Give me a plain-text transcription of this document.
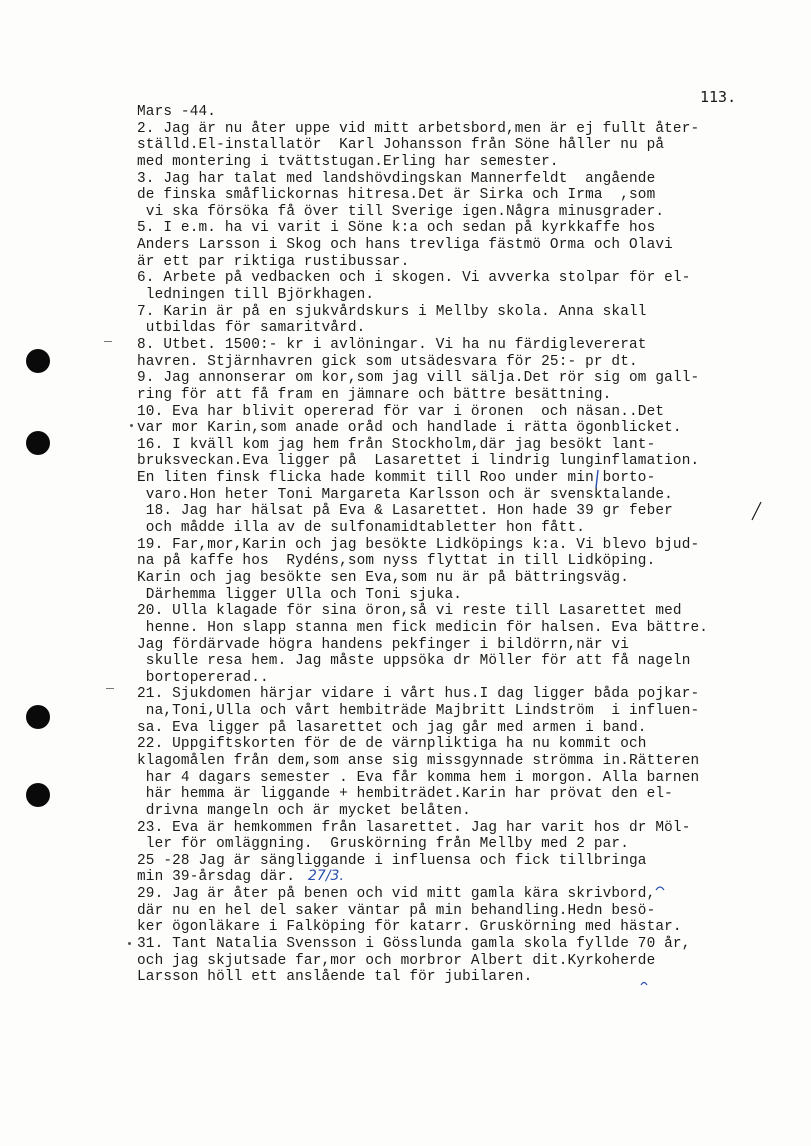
113.
Mars -44.
2. Jag är nu åter uppe vid mitt arbetsbord,men är ej fullt åter-
ställd.El-installatör  Karl Johansson från Söne håller nu på
med montering i tvättstugan.Erling har semester.
3. Jag har talat med landshövdingskan Mannerfeldt  angående
de finska småflickornas hitresa.Det är Sirka och Irma  ,som
vi ska försöka få över till Sverige igen.Några minusgrader.
5. I e.m. ha vi varit i Söne k:a och sedan på kyrkkaffe hos
Anders Larsson i Skog och hans trevliga fästmö Orma och Olavi
är ett par riktiga rustibussar.
6. Arbete på vedbacken och i skogen. Vi avverka stolpar för el-
ledningen till Björkhagen.
7. Karin är på en sjukvårdskurs i Mellby skola. Anna skall
utbildas för samaritvård.
8. Utbet. 1500:- kr i avlöningar. Vi ha nu färdiglevererat
havren. Stjärnhavren gick som utsädesvara för 25:- pr dt.
9. Jag annonserar om kor,som jag vill sälja.Det rör sig om gall-
ring för att få fram en jämnare och bättre besättning.
10. Eva har blivit opererad för var i öronen  och näsan..Det
var mor Karin,som anade oråd och handlade i rätta ögonblicket.
16. I kväll kom jag hem från Stockholm,där jag besökt lant-
bruksveckan.Eva ligger på  Lasarettet i lindrig lunginflamation.
En liten finsk flicka hade kommit till Roo under min borto-
varo.Hon heter Toni Margareta Karlsson och är svensktalande.
18. Jag har hälsat på Eva & Lasarettet. Hon hade 39 gr feber
och mådde illa av de sulfonamidtabletter hon fått.
19. Far,mor,Karin och jag besökte Lidköpings k:a. Vi blevo bjud-
na på kaffe hos  Rydéns,som nyss flyttat in till Lidköping.
Karin och jag besökte sen Eva,som nu är på bättringsväg.
Därhemma ligger Ulla och Toni sjuka.
20. Ulla klagade för sina öron,så vi reste till Lasarettet med
henne. Hon slapp stanna men fick medicin för halsen. Eva bättre.
Jag fördärvade högra handens pekfinger i bildörrn,när vi
skulle resa hem. Jag måste uppsöka dr Möller för att få nageln
bortopererad..
21. Sjukdomen härjar vidare i vårt hus.I dag ligger båda pojkar-
na,Toni,Ulla och vårt hembiträde Majbritt Lindström  i influen-
sa. Eva ligger på lasarettet och jag går med armen i band.
22. Uppgiftskorten för de de värnpliktiga ha nu kommit och
klagomålen från dem,som anse sig missgynnade strömma in.Rätteren
har 4 dagars semester . Eva får komma hem i morgon. Alla barnen
här hemma är liggande + hembiträdet.Karin har prövat den el-
drivna mangeln och är mycket belåten.
23. Eva är hemkommen från lasarettet. Jag har varit hos dr Möl-
ler för omläggning.  Gruskörning från Mellby med 2 par.
25 -28 Jag är sängliggande i influensa och fick tillbringa
min 39-årsdag där.
29. Jag är åter på benen och vid mitt gamla kära skrivbord,
där nu en hel del saker väntar på min behandling.Hedn besö-
ker ögonläkare i Falköping för katarr. Gruskörning med hästar.
31. Tant Natalia Svensson i Gösslunda gamla skola fyllde 70 år,
och jag skjutsade far,mor och morbror Albert dit.Kyrkoherde
Larsson höll ett anslående tal för jubilaren.
27/3.
